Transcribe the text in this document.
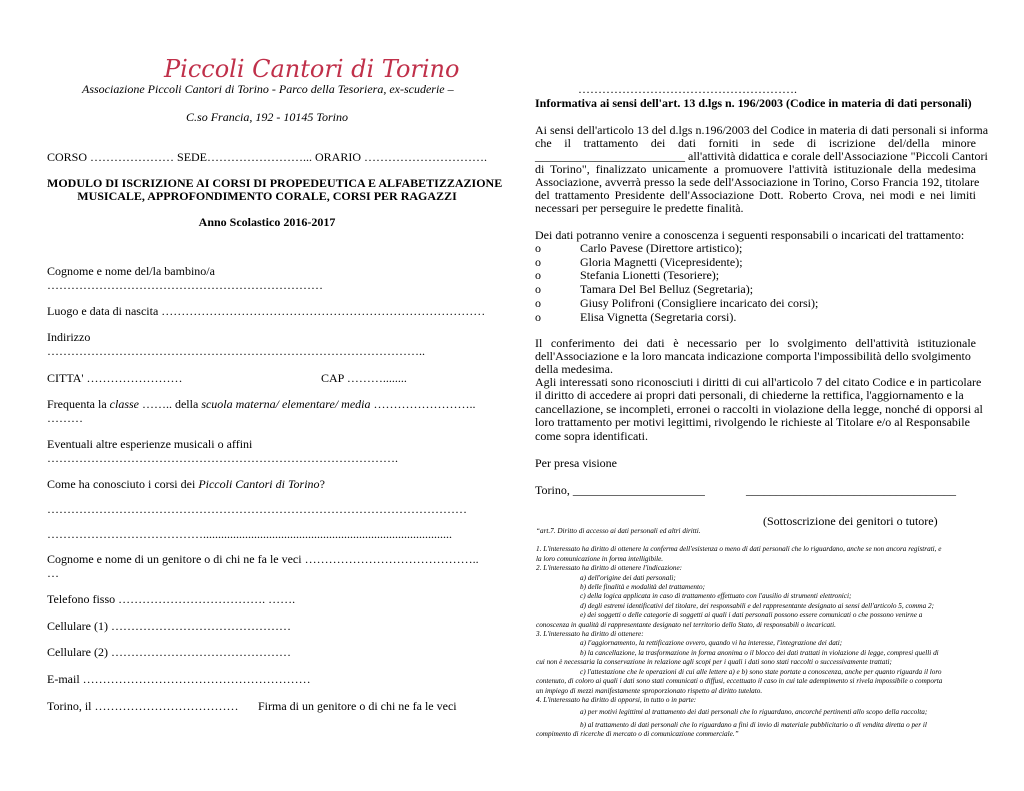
Piccoli Cantori di Torino
Associazione Piccoli Cantori di Torino - Parco della Tesoriera, ex-scuderie –
C.so Francia, 192 - 10145 Torino
CORSO ………………… SEDE……………………... ORARIO ………………………….
MODULO DI ISCRIZIONE AI CORSI DI PROPEDEUTICA E ALFABETIZZAZIONE
MUSICALE, APPROFONDIMENTO CORALE, CORSI PER RAGAZZI
Anno Scolastico 2016-2017
Cognome e nome del/la bambino/a
……………………………………………………………
Luogo e data di nascita ………………………………………………………………………
Indirizzo
…………………………………………………………………………………..
CITTA' ……………………	CAP ………........
Frequenta la classe …….. della scuola materna/ elementare/ media ……………………..
………
Eventuali altre esperienze musicali o affini
…………………………………………………………………………….
Come ha conosciuto i corsi dei Piccoli Cantori di Torino?
……………………………………………………………………………………………
…………………………………...................................................................................
Cognome e nome di un genitore o di chi ne fa le veci ……………………………………..
…
Telefono fisso ………………………………. …….
Cellulare (1) ………………………………………
Cellulare (2) ………………………………………
E-mail …………………………………………………
Torino, il ……………………………… Firma di un genitore o di chi ne fa le veci
……………………………………………….
Informativa ai sensi dell'art. 13 d.lgs n. 196/2003 (Codice in materia di dati personali)
Ai sensi dell'articolo 13 del d.lgs n.196/2003 del Codice in materia di dati personali si informa
che il trattamento dei dati forniti in sede di iscrizione del/della minore
_________________________ all'attività didattica e corale dell'Associazione "Piccoli Cantori
di Torino", finalizzato unicamente a promuovere l'attività istituzionale della medesima
Associazione, avverrà presso la sede dell'Associazione in Torino, Corso Francia 192, titolare
del trattamento Presidente dell'Associazione Dott. Roberto Crova, nei modi e nei limiti
necessari per perseguire le predette finalità.
Dei dati potranno venire a conoscenza i seguenti responsabili o incaricati del trattamento:
o	Carlo Pavese (Direttore artistico);
o	Gloria Magnetti (Vicepresidente);
o	Stefania Lionetti (Tesoriere);
o	Tamara Del Bel Belluz (Segretaria);
o	Giusy Polifroni (Consigliere incaricato dei corsi);
o	Elisa Vignetta (Segretaria corsi).
Il conferimento dei dati è necessario per lo svolgimento dell'attività istituzionale
dell'Associazione e la loro mancata indicazione comporta l'impossibilità dello svolgimento
della medesima.
Agli interessati sono riconosciuti i diritti di cui all'articolo 7 del citato Codice e in particolare
il diritto di accedere ai propri dati personali, di chiederne la rettifica, l'aggiornamento e la
cancellazione, se incompleti, erronei o raccolti in violazione della legge, nonché di opporsi al
loro trattamento per motivi legittimi, rivolgendo le richieste al Titolare e/o al Responsabile
come sopra identificati.
Per presa visione
Torino, ______________________	___________________________________
(Sottoscrizione dei genitori o tutore)
“art.7. Diritto di accesso ai dati personali ed altri diritti.
1. L'interessato ha diritto di ottenere la conferma dell'esistenza o meno di dati personali che lo riguardano, anche se non ancora registrati, e
la loro comunicazione in forma intelligibile.
2. L'interessato ha diritto di ottenere l'indicazione:
a) dell'origine dei dati personali;
b) delle finalità e modalità del trattamento;
c) della logica applicata in caso di trattamento effettuato con l'ausilio di strumenti elettronici;
d) degli estremi identificativi del titolare, dei responsabili e del rappresentante designato ai sensi dell'articolo 5, comma 2;
e) dei soggetti o delle categorie di soggetti ai quali i dati personali possono essere comunicati o che possono venirne a
conoscenza in qualità di rappresentante designato nel territorio dello Stato, di responsabili o incaricati.
3. L'interessato ha diritto di ottenere:
a) l'aggiornamento, la rettificazione ovvero, quando vi ha interesse, l'integrazione dei dati;
b) la cancellazione, la trasformazione in forma anonima o il blocco dei dati trattati in violazione di legge, compresi quelli di
cui non è necessaria la conservazione in relazione agli scopi per i quali i dati sono stati raccolti o successivamente trattati;
c) l'attestazione che le operazioni di cui alle lettere a) e b) sono state portate a conoscenza, anche per quanto riguarda il loro
contenuto, di coloro ai quali i dati sono stati comunicati o diffusi, eccettuato il caso in cui tale adempimento si rivela impossibile o comporta
un impiego di mezzi manifestamente sproporzionato rispetto al diritto tutelato.
4. L'interessato ha diritto di opporsi, in tutto o in parte:
a) per motivi legittimi al trattamento dei dati personali che lo riguardano, ancorché pertinenti allo scopo della raccolta;
b) al trattamento di dati personali che lo riguardano a fini di invio di materiale pubblicitario o di vendita diretta o per il
compimento di ricerche di mercato o di comunicazione commerciale.”
